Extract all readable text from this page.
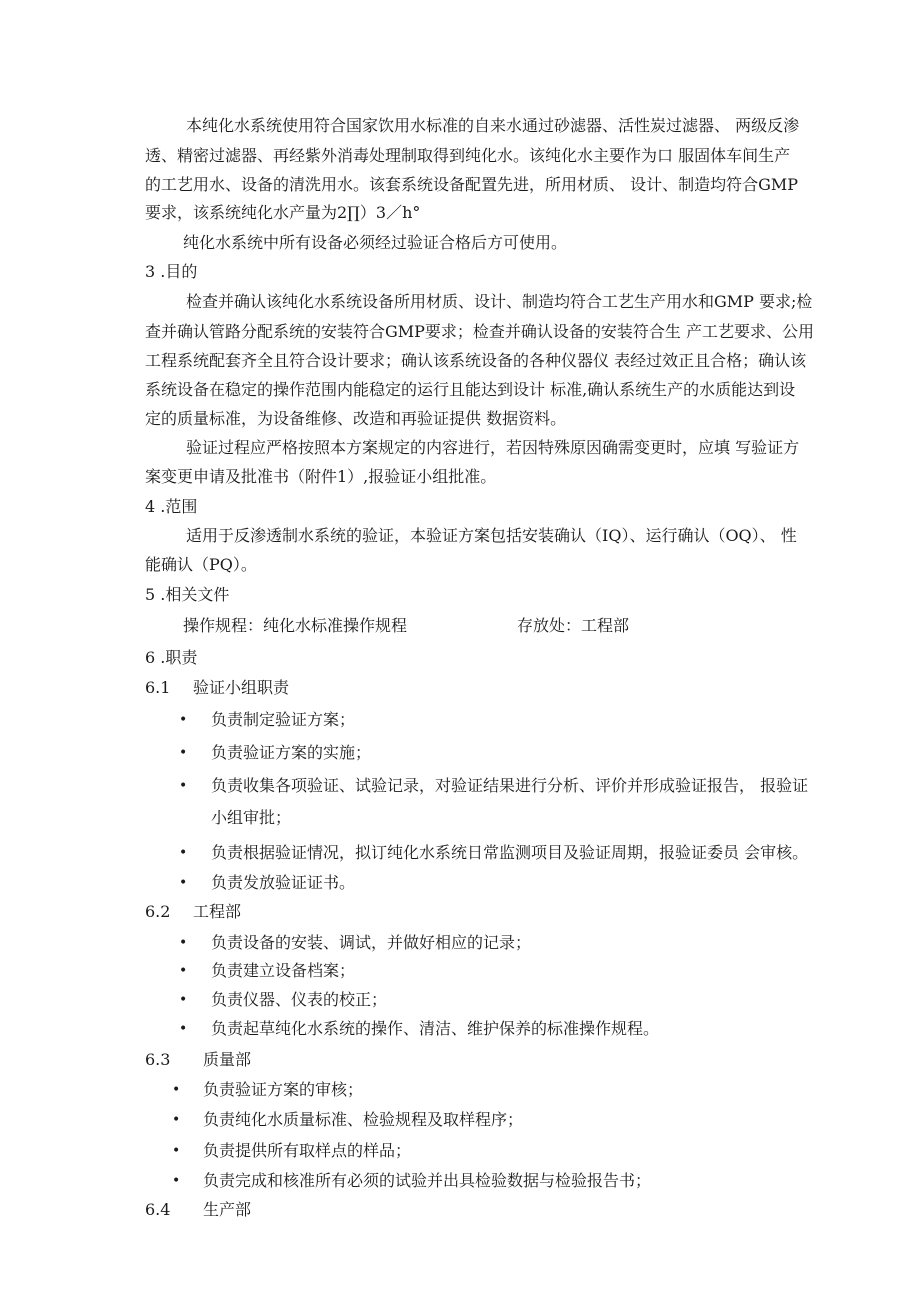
本纯化水系统使用符合国家饮用水标准的自来水通过砂滤器、活性炭过滤器、 两级反渗
透、精密过滤器、再经紫外消毒处理制取得到纯化水。该纯化水主要作为口 服固体车间生产
的工艺用水、设备的清洗用水。该套系统设备配置先进，所用材质、 设计、制造均符合GMP
要求，该系统纯化水产量为2∏）3／h°
纯化水系统中所有设备必须经过验证合格后方可使用。
3 .目的
检查并确认该纯化水系统设备所用材质、设计、制造均符合工艺生产用水和GMP 要求;检
查并确认管路分配系统的安装符合GMP要求；检查并确认设备的安装符合生 产工艺要求、公用
工程系统配套齐全且符合设计要求；确认该系统设备的各种仪器仪 表经过效正且合格；确认该
系统设备在稳定的操作范围内能稳定的运行且能达到设计 标准,确认系统生产的水质能达到设
定的质量标准，为设备维修、改造和再验证提供 数据资料。
验证过程应严格按照本方案规定的内容进行，若因特殊原因确需变更时，应填 写验证方
案变更申请及批准书（附件1）,报验证小组批准。
4 .范围
适用于反渗透制水系统的验证，本验证方案包括安装确认（IQ）、运行确认（OQ）、 性
能确认（PQ）。
5 .相关文件
操作规程：纯化水标准操作规程	存放处：工程部
6 .职责
6.1 验证小组职责
• 负责制定验证方案；
• 负责验证方案的实施；
• 负责收集各项验证、试验记录，对验证结果进行分析、评价并形成验证报告， 报验证
小组审批；
• 负责根据验证情况，拟订纯化水系统日常监测项目及验证周期，报验证委员 会审核。
• 负责发放验证证书。
6.2 工程部
• 负责设备的安装、调试，并做好相应的记录；
• 负责建立设备档案；
• 负责仪器、仪表的校正；
• 负责起草纯化水系统的操作、清洁、维护保养的标准操作规程。
6.3 质量部
• 负责验证方案的审核；
• 负责纯化水质量标准、检验规程及取样程序；
• 负责提供所有取样点的样品；
• 负责完成和核准所有必须的试验并出具检验数据与检验报告书；
6.4 生产部
